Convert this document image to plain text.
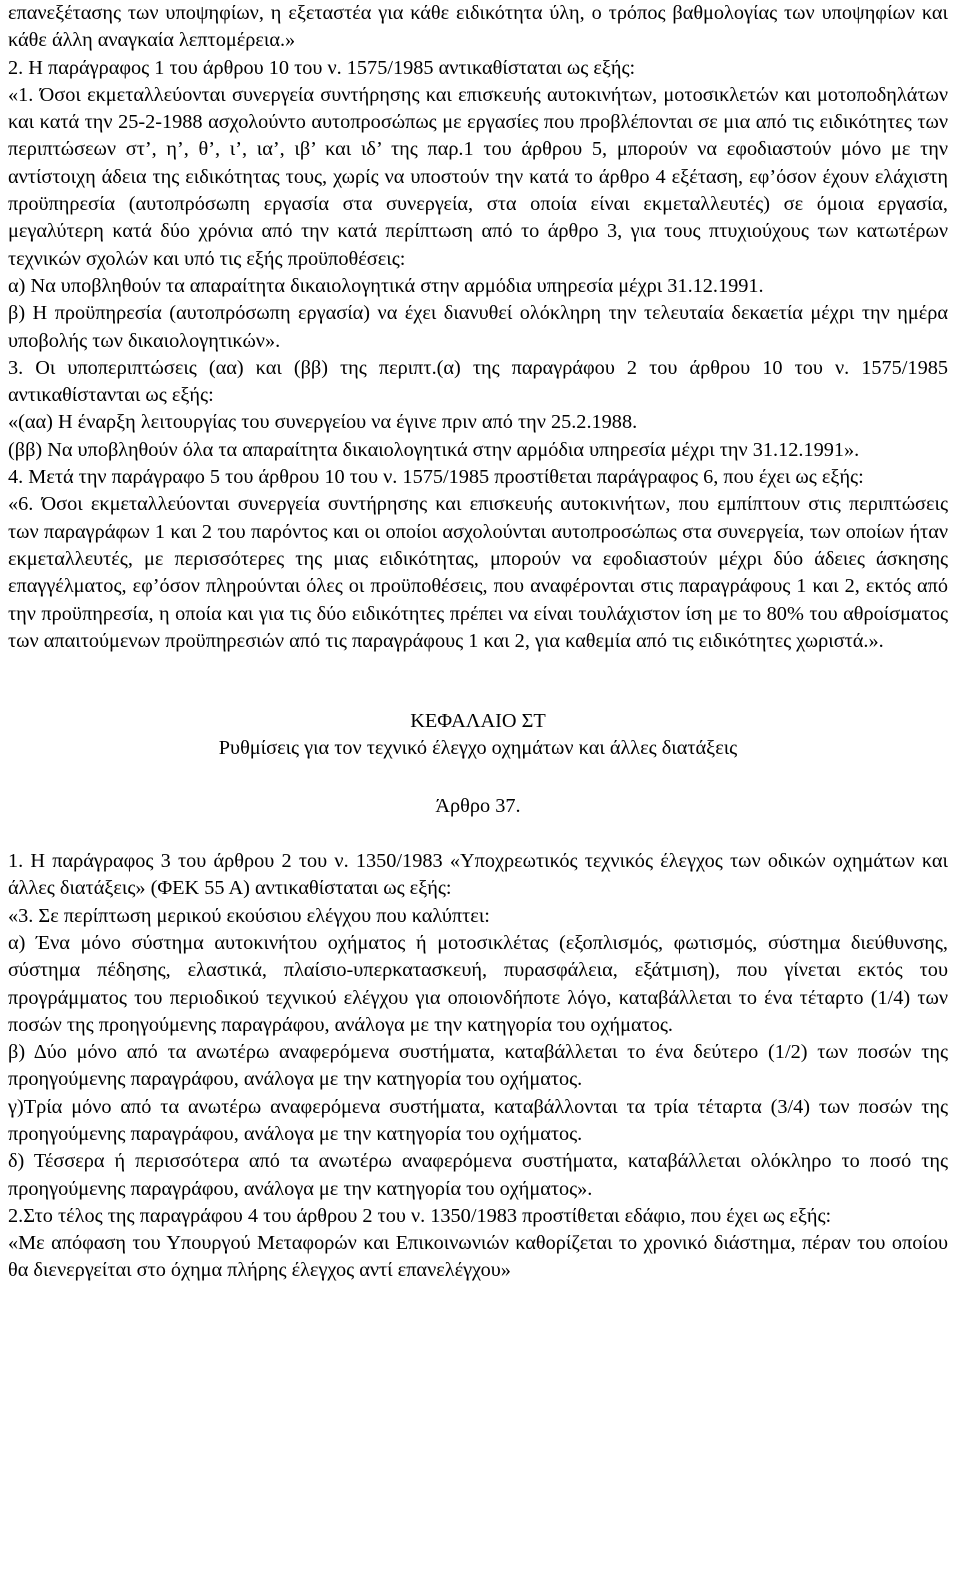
επανεξέτασης των υποψηφίων, η εξεταστέα για κάθε ειδικότητα ύλη, ο τρόπος βαθμολογίας των υποψηφίων και κάθε άλλη αναγκαία λεπτομέρεια.»

2. Η παράγραφος 1 του άρθρου 10 του ν. 1575/1985 αντικαθίσταται ως εξής:

«1. Όσοι εκμεταλλεύονται συνεργεία συντήρησης και επισκευής αυτοκινήτων, μοτοσικλετών και μοτοποδηλάτων και κατά την 25-2-1988 ασχολούντο αυτοπροσώπως με εργασίες που προβλέπονται σε μια από τις ειδικότητες των περιπτώσεων στ’, η’, θ’, ι’, ια’, ιβ’ και ιδ’ της παρ.1 του άρθρου 5, μπορούν να εφοδιαστούν μόνο με την αντίστοιχη άδεια της ειδικότητας τους, χωρίς να υποστούν την κατά το άρθρο 4 εξέταση, εφ’όσον έχουν ελάχιστη προϋπηρεσία (αυτοπρόσωπη εργασία στα συνεργεία, στα οποία είναι εκμεταλλευτές) σε όμοια εργασία, μεγαλύτερη κατά δύο χρόνια από την κατά περίπτωση από το άρθρο 3, για τους πτυχιούχους των κατωτέρων τεχνικών σχολών και υπό τις εξής προϋποθέσεις:

α) Να υποβληθούν τα απαραίτητα δικαιολογητικά στην αρμόδια υπηρεσία μέχρι 31.12.1991.

β) Η προϋπηρεσία (αυτοπρόσωπη εργασία) να έχει διανυθεί ολόκληρη την τελευταία δεκαετία μέχρι την ημέρα υποβολής των δικαιολογητικών».

3. Οι υποπεριπτώσεις (αα) και (ββ) της περιπτ.(α) της παραγράφου 2 του άρθρου 10 του ν. 1575/1985 αντικαθίστανται ως εξής:

«(αα) Η έναρξη λειτουργίας του συνεργείου να έγινε πριν από την 25.2.1988.

(ββ) Να υποβληθούν όλα τα απαραίτητα δικαιολογητικά στην αρμόδια υπηρεσία μέχρι την 31.12.1991».

4. Μετά την παράγραφο 5 του άρθρου 10 του ν. 1575/1985 προστίθεται παράγραφος 6, που έχει ως εξής:

«6. Όσοι εκμεταλλεύονται συνεργεία συντήρησης και επισκευής αυτοκινήτων, που εμπίπτουν στις περιπτώσεις των παραγράφων 1 και 2 του παρόντος και οι οποίοι ασχολούνται αυτοπροσώπως στα συνεργεία, των οποίων ήταν εκμεταλλευτές, με περισσότερες της μιας ειδικότητας, μπορούν να εφοδιαστούν μέχρι δύο άδειες άσκησης επαγγέλματος, εφ’όσον πληρούνται όλες οι προϋποθέσεις, που αναφέρονται στις παραγράφους 1 και 2, εκτός από την προϋπηρεσία, η οποία και για τις δύο ειδικότητες πρέπει να είναι τουλάχιστον ίση με το 80% του αθροίσματος των απαιτούμενων προϋπηρεσιών από τις παραγράφους 1 και 2, για καθεμία από τις ειδικότητες χωριστά.».

ΚΕΦΑΛΑΙΟ ΣΤ

Ρυθμίσεις για τον τεχνικό έλεγχο οχημάτων και άλλες διατάξεις

Άρθρο 37.

1. Η παράγραφος 3 του άρθρου 2 του ν. 1350/1983 «Υποχρεωτικός τεχνικός έλεγχος των οδικών οχημάτων και άλλες διατάξεις» (ΦΕΚ 55 Α) αντικαθίσταται ως εξής:

«3. Σε περίπτωση μερικού εκούσιου ελέγχου που καλύπτει:

α) Ένα μόνο σύστημα αυτοκινήτου οχήματος ή μοτοσικλέτας (εξοπλισμός, φωτισμός, σύστημα διεύθυνσης, σύστημα πέδησης, ελαστικά, πλαίσιο-υπερκατασκευή, πυρασφάλεια, εξάτμιση), που γίνεται εκτός του προγράμματος του περιοδικού τεχνικού ελέγχου για οποιονδήποτε λόγο, καταβάλλεται το ένα τέταρτο (1/4) των ποσών της προηγούμενης παραγράφου, ανάλογα με την κατηγορία του οχήματος.

β) Δύο μόνο από τα ανωτέρω αναφερόμενα συστήματα, καταβάλλεται το ένα δεύτερο (1/2) των ποσών της προηγούμενης παραγράφου, ανάλογα με την κατηγορία του οχήματος.

γ)Τρία μόνο από τα ανωτέρω αναφερόμενα συστήματα, καταβάλλονται τα τρία τέταρτα (3/4) των ποσών της προηγούμενης παραγράφου, ανάλογα με την κατηγορία του οχήματος.

δ) Τέσσερα ή περισσότερα από τα ανωτέρω αναφερόμενα συστήματα, καταβάλλεται ολόκληρο το ποσό της προηγούμενης παραγράφου, ανάλογα με την κατηγορία του οχήματος».

2.Στο τέλος της παραγράφου 4 του άρθρου 2 του ν. 1350/1983 προστίθεται εδάφιο, που έχει ως εξής:

«Με απόφαση του Υπουργού Μεταφορών και Επικοινωνιών καθορίζεται το χρονικό διάστημα, πέραν του οποίου θα διενεργείται στο όχημα πλήρης έλεγχος αντί επανελέγχου»
